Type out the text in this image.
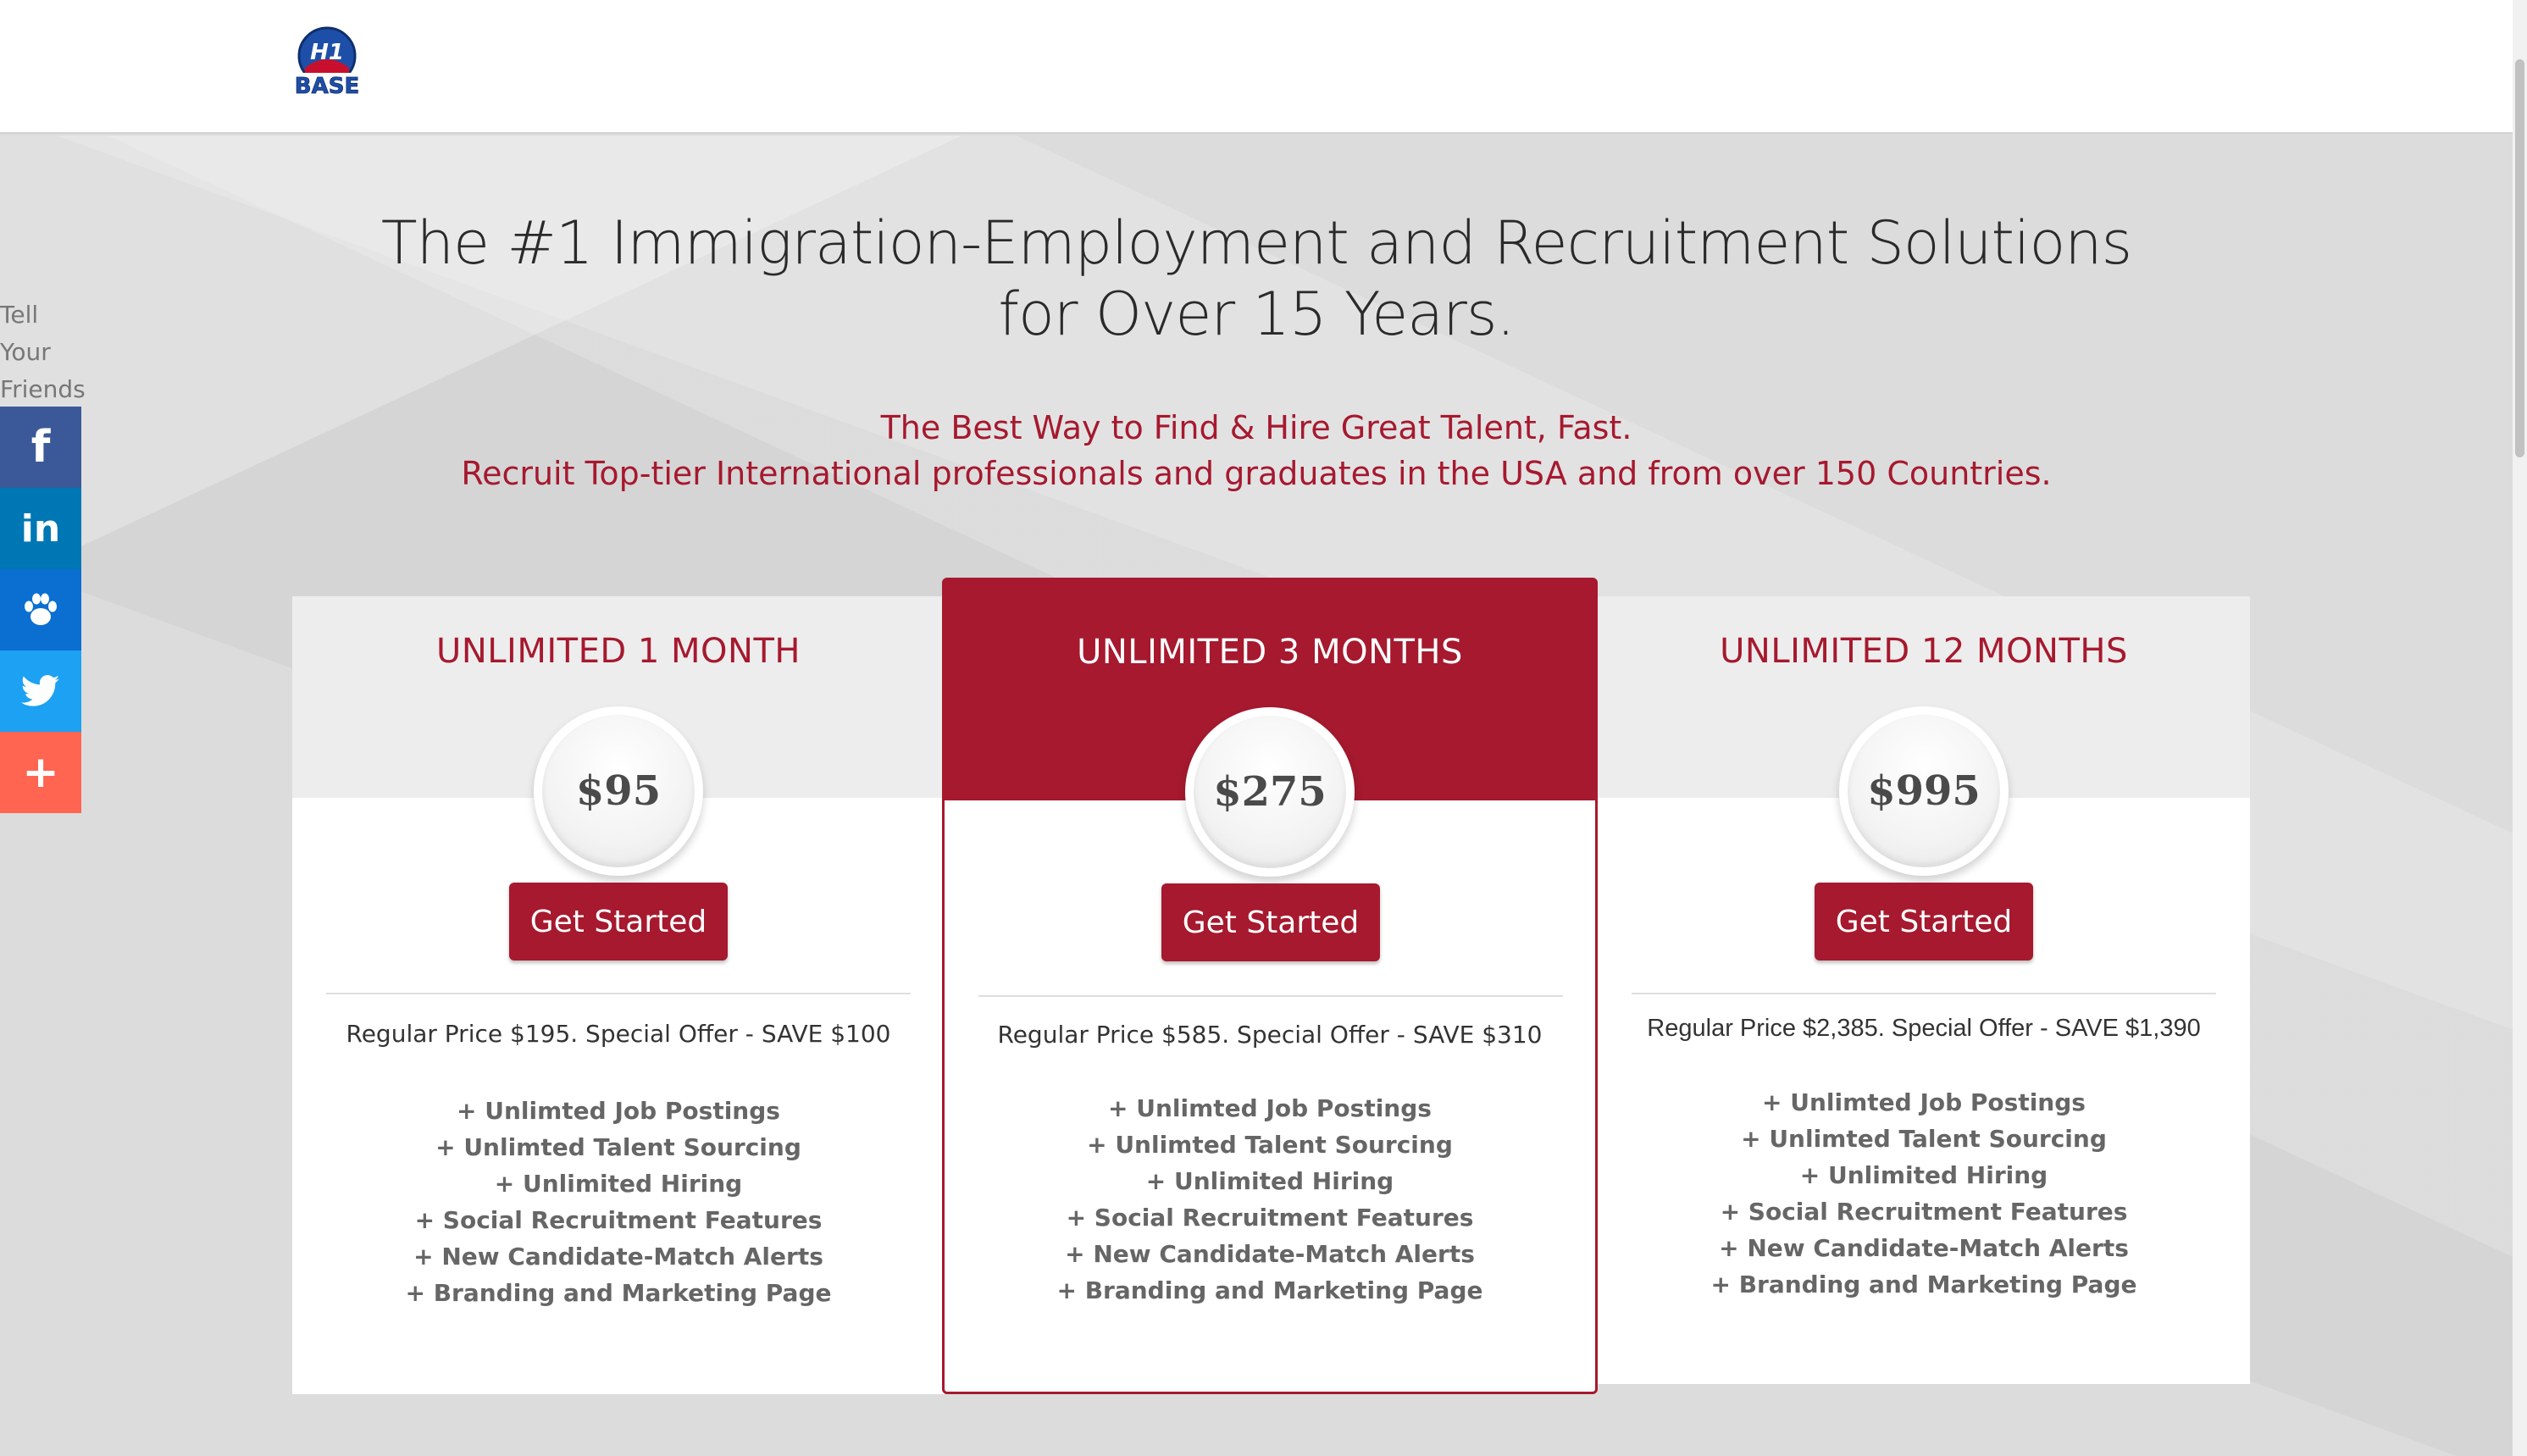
H1
BASE
The #1 Immigration-Employment and Recruitment Solutions
for Over 15 Years.
The Best Way to Find & Hire Great Talent, Fast.
Recruit Top-tier International professionals and graduates in the USA and from over 150 Countries.
Tell
Your
Friends
f
in
+
UNLIMITED 1 MONTH
$95
Get Started
Regular Price $195. Special Offer - SAVE $100
+ Unlimted Job Postings
+ Unlimted Talent Sourcing
+ Unlimited Hiring
+ Social Recruitment Features
+ New Candidate-Match Alerts
+ Branding and Marketing Page
UNLIMITED 3 MONTHS
$275
Get Started
Regular Price $585. Special Offer - SAVE $310
+ Unlimted Job Postings
+ Unlimted Talent Sourcing
+ Unlimited Hiring
+ Social Recruitment Features
+ New Candidate-Match Alerts
+ Branding and Marketing Page
UNLIMITED 12 MONTHS
$995
Get Started
Regular Price $2,385. Special Offer - SAVE $1,390
+ Unlimted Job Postings
+ Unlimted Talent Sourcing
+ Unlimited Hiring
+ Social Recruitment Features
+ New Candidate-Match Alerts
+ Branding and Marketing Page
